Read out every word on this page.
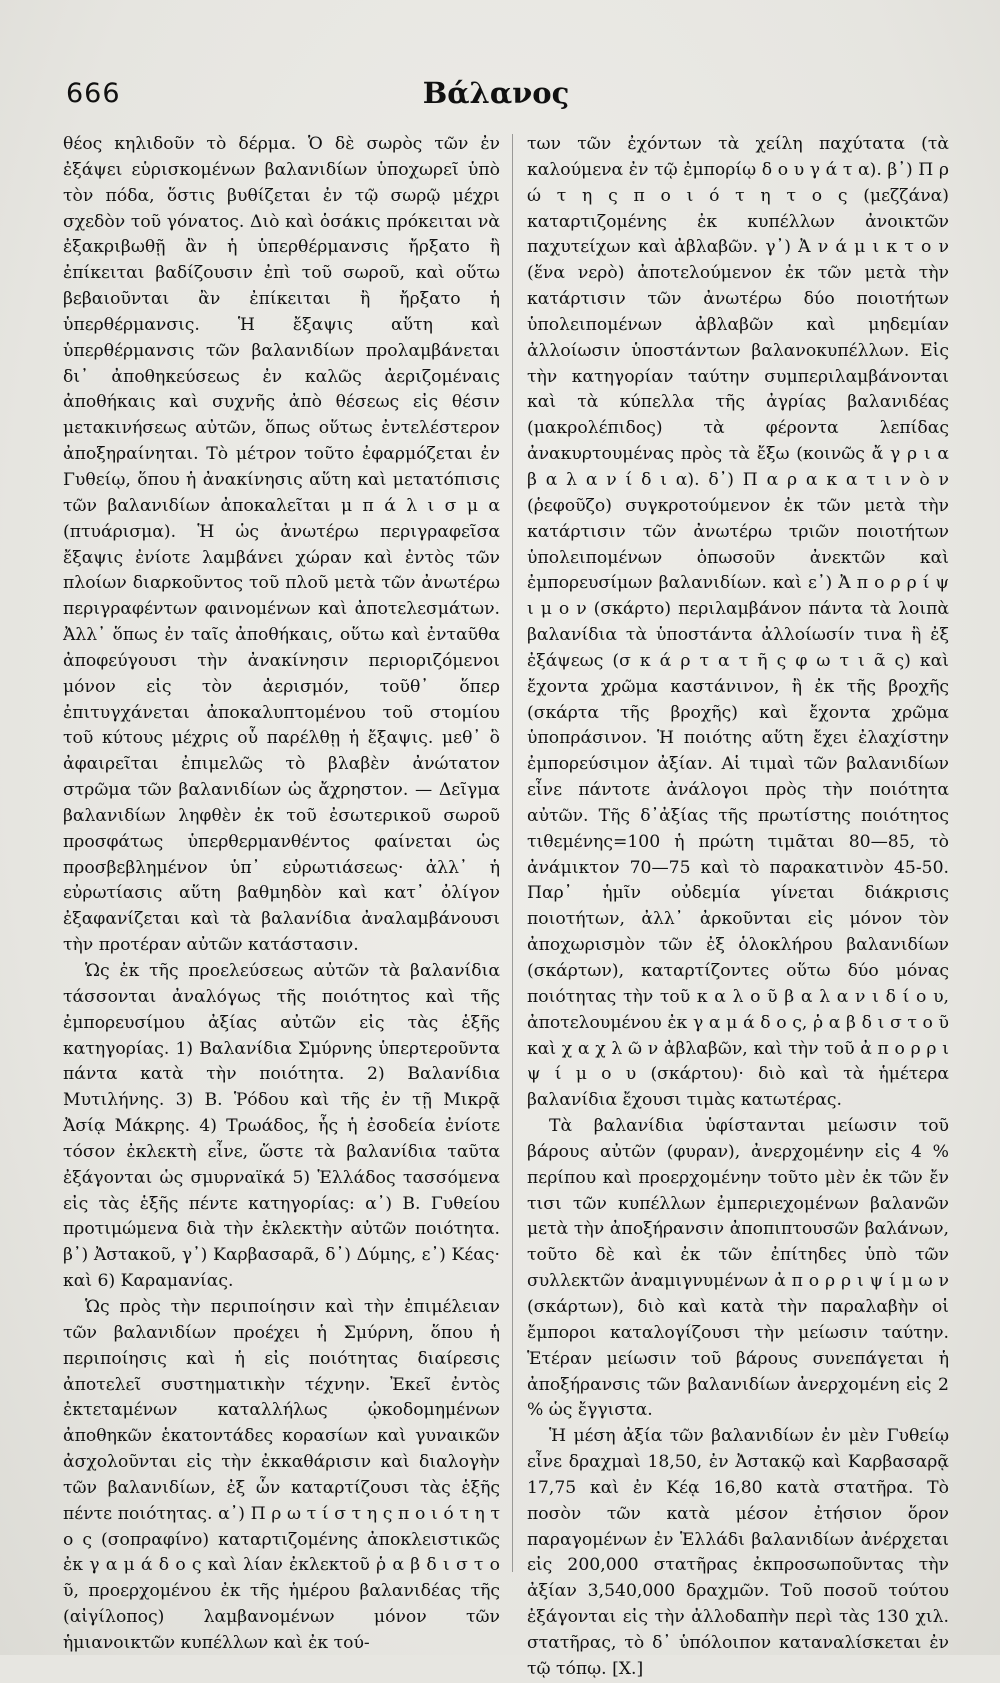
666	Βάλανος

θέος κηλιδοῦν τὸ δέρμα. Ὁ δὲ σωρὸς τῶν ἐν ἐξάψει εὑρισκομένων βαλανιδίων ὑποχωρεῖ ὑπὸ τὸν πόδα, ὅστις βυθίζεται ἐν τῷ σωρῷ μέχρι σχεδὸν τοῦ γόνατος. Διὸ καὶ ὁσάκις πρόκειται νὰ ἐξακριβωθῇ ἂν ἡ ὑπερθέρμανσις ἤρξατο ἢ ἐπίκειται βαδίζουσιν ἐπὶ τοῦ σωροῦ, καὶ οὕτω βεβαιοῦνται ἂν ἐπίκειται ἢ ἤρξατο ἡ ὑπερθέρμανσις. Ἡ ἔξαψις αὕτη καὶ ὑπερθέρμανσις τῶν βαλανιδίων προλαμβάνεται δι᾽ ἀποθηκεύσεως ἐν καλῶς ἀεριζομέναις ἀποθήκαις καὶ συχνῆς ἀπὸ θέσεως εἰς θέσιν μετακινήσεως αὐτῶν, ὅπως οὕτως ἐντελέστερον ἀποξηραίνηται. Τὸ μέτρον τοῦτο ἐφαρμόζεται ἐν Γυθείῳ, ὅπου ἡ ἀνακίνησις αὕτη καὶ μετατόπισις τῶν βαλανιδίων ἀποκαλεῖται μ π ά λ ι σ μ α (πτυάρισμα). Ἡ ὡς ἀνωτέρω περιγραφεῖσα ἔξαψις ἐνίοτε λαμβάνει χώραν καὶ ἐντὸς τῶν πλοίων διαρκοῦντος τοῦ πλοῦ μετὰ τῶν ἀνωτέρω περιγραφέντων φαινομένων καὶ ἀποτελεσμάτων. Ἀλλ᾽ ὅπως ἐν ταῖς ἀποθήκαις, οὕτω καὶ ἐνταῦθα ἀποφεύγουσι τὴν ἀνακίνησιν περιοριζόμενοι μόνον εἰς τὸν ἀερισμόν, τοῦθ᾽ ὅπερ ἐπιτυγχάνεται ἀποκαλυπτομένου τοῦ στομίου τοῦ κύτους μέχρις οὗ παρέλθῃ ἡ ἔξαψις. μεθ᾽ ὃ ἀφαιρεῖται ἐπιμελῶς τὸ βλαβὲν ἀνώτατον στρῶμα τῶν βαλανιδίων ὡς ἄχρηστον. — Δεῖγμα βαλανιδίων ληφθὲν ἐκ τοῦ ἐσωτερικοῦ σωροῦ προσφάτως ὑπερθερμανθέντος φαίνεται ὡς προσβεβλημένον ὑπ᾽ εὐρωτιάσεως· ἀλλ᾽ ἡ εὐρωτίασις αὕτη βαθμηδὸν καὶ κατ᾽ ὀλίγον ἐξαφανίζεται καὶ τὰ βαλανίδια ἀναλαμβάνουσι τὴν προτέραν αὐτῶν κατάστασιν.

Ὡς ἐκ τῆς προελεύσεως αὐτῶν τὰ βαλανίδια τάσσονται ἀναλόγως τῆς ποιότητος καὶ τῆς ἐμπορευσίμου ἀξίας αὐτῶν εἰς τὰς ἑξῆς κατηγορίας. 1) Βαλανίδια Σμύρνης ὑπερτεροῦντα πάντα κατὰ τὴν ποιότητα. 2) Βαλανίδια Μυτιλήνης. 3) Β. Ῥόδου καὶ τῆς ἐν τῇ Μικρᾷ Ἀσίᾳ Μάκρης. 4) Τρωάδος, ἧς ἡ ἐσοδεία ἐνίοτε τόσον ἐκλεκτὴ εἶνε, ὥστε τὰ βαλανίδια ταῦτα ἐξάγονται ὡς σμυρναϊκά 5) Ἑλλάδος τασσόμενα εἰς τὰς ἑξῆς πέντε κατηγορίας: α᾽) Β. Γυθείου προτιμώμενα διὰ τὴν ἐκλεκτὴν αὐτῶν ποιότητα. β᾽) Ἀστακοῦ, γ᾽) Καρβασαρᾶ, δ᾽) Δύμης, ε᾽) Κέας· καὶ 6) Καραμανίας.

Ὡς πρὸς τὴν περιποίησιν καὶ τὴν ἐπιμέλειαν τῶν βαλανιδίων προέχει ἡ Σμύρνη, ὅπου ἡ περιποίησις καὶ ἡ εἰς ποιότητας διαίρεσις ἀποτελεῖ συστηματικὴν τέχνην. Ἐκεῖ ἐντὸς ἐκτεταμένων καταλλήλως ᾠκοδομημένων ἀποθηκῶν ἑκατοντάδες κορασίων καὶ γυναικῶν ἀσχολοῦνται εἰς τὴν ἐκκαθάρισιν καὶ διαλογὴν τῶν βαλανιδίων, ἐξ ὧν καταρτίζουσι τὰς ἑξῆς πέντε ποιότητας. α᾽) Π ρ ω τ ί σ τ η ς π ο ι ό τ η τ ο ς (σοπραφίνο) καταρτιζομένης ἀποκλειστικῶς ἐκ γ α μ ά δ ο ς καὶ λίαν ἐκλεκτοῦ ῥ α β δ ι σ τ ο ῦ, προερχομένου ἐκ τῆς ἡμέρου βαλανιδέας τῆς (αἰγίλοπος) λαμβανομένων μόνον τῶν ἡμιανοικτῶν κυπέλλων καὶ ἐκ τού-

των τῶν ἐχόντων τὰ χείλη παχύτατα (τὰ καλούμενα ἐν τῷ ἐμπορίῳ δ ο υ γ ά τ α). β᾽) Π ρ ώ τ η ς π ο ι ό τ η τ ο ς (μεζζάνα) καταρτιζομένης ἐκ κυπέλλων ἀνοικτῶν παχυτείχων καὶ ἀβλαβῶν. γ᾽) Ἀ ν ά μ ι κ τ ο ν (ἕνα νερὸ) ἀποτελούμενον ἐκ τῶν μετὰ τὴν κατάρτισιν τῶν ἀνωτέρω δύο ποιοτήτων ὑπολειπομένων ἀβλαβῶν καὶ μηδεμίαν ἀλλοίωσιν ὑποστάντων βαλανοκυπέλλων. Εἰς τὴν κατηγορίαν ταύτην συμπεριλαμβάνονται καὶ τὰ κύπελλα τῆς ἀγρίας βαλανιδέας (μακρολέπιδος) τὰ φέροντα λεπίδας ἀνακυρτουμένας πρὸς τὰ ἔξω (κοινῶς ἄ γ ρ ι α β α λ α ν ί δ ι α). δ᾽) Π α ρ α κ α τ ι ν ὸ ν (ῥεφοῦζο) συγκροτούμενον ἐκ τῶν μετὰ τὴν κατάρτισιν τῶν ἀνωτέρω τριῶν ποιοτήτων ὑπολειπομένων ὁπωσοῦν ἀνεκτῶν καὶ ἐμπορευσίμων βαλανιδίων. καὶ ε᾽) Ἀ π ο ρ ρ ί ψ ι μ ο ν (σκάρτο) περιλαμβάνον πάντα τὰ λοιπὰ βαλανίδια τὰ ὑποστάντα ἀλλοίωσίν τινα ἢ ἐξ ἐξάψεως (σ κ ά ρ τ α τ ῆ ς φ ω τ ι ᾶ ς) καὶ ἔχοντα χρῶμα καστάνινον, ἢ ἐκ τῆς βροχῆς (σκάρτα τῆς βροχῆς) καὶ ἔχοντα χρῶμα ὑποπράσινον. Ἡ ποιότης αὕτη ἔχει ἐλαχίστην ἐμπορεύσιμον ἀξίαν. Αἱ τιμαὶ τῶν βαλανιδίων εἶνε πάντοτε ἀνάλογοι πρὸς τὴν ποιότητα αὐτῶν. Τῆς δ᾽ἀξίας τῆς πρωτίστης ποιότητος τιθεμένης=100 ἡ πρώτη τιμᾶται 80—85, τὸ ἀνάμικτον 70—75 καὶ τὸ παρακατινὸν 45-50. Παρ᾽ ἡμῖν οὐδεμία γίνεται διάκρισις ποιοτήτων, ἀλλ᾽ ἀρκοῦνται εἰς μόνον τὸν ἀποχωρισμὸν τῶν ἐξ ὁλοκλήρου βαλανιδίων (σκάρτων), καταρτίζοντες οὕτω δύο μόνας ποιότητας τὴν τοῦ κ α λ ο ῦ β α λ α ν ι δ ί ο υ, ἀποτελουμένου ἐκ γ α μ ά δ ο ς, ῥ α β δ ι σ τ ο ῦ καὶ χ α χ λ ῶ ν ἀβλαβῶν, καὶ τὴν τοῦ ἀ π ο ρ ρ ι ψ ί μ ο υ (σκάρτου)· διὸ καὶ τὰ ἡμέτερα βαλανίδια ἔχουσι τιμὰς κατωτέρας.

Τὰ βαλανίδια ὑφίστανται μείωσιν τοῦ βάρους αὐτῶν (φυραν), ἀνερχομένην εἰς 4 % περίπου καὶ προερχομένην τοῦτο μὲν ἐκ τῶν ἔν τισι τῶν κυπέλλων ἐμπεριεχομένων βαλανῶν μετὰ τὴν ἀποξήρανσιν ἀποπιπτουσῶν βαλάνων, τοῦτο δὲ καὶ ἐκ τῶν ἐπίτηδες ὑπὸ τῶν συλλεκτῶν ἀναμιγνυμένων ἀ π ο ρ ρ ι ψ ί μ ω ν (σκάρτων), διὸ καὶ κατὰ τὴν παραλαβὴν οἱ ἔμποροι καταλογίζουσι τὴν μείωσιν ταύτην. Ἑτέραν μείωσιν τοῦ βάρους συνεπάγεται ἡ ἀποξήρανσις τῶν βαλανιδίων ἀνερχομένη εἰς 2 % ὡς ἔγγιστα.

Ἡ μέση ἀξία τῶν βαλανιδίων ἐν μὲν Γυθείῳ εἶνε δραχμαὶ 18,50, ἐν Ἀστακῷ καὶ Καρβασαρᾷ 17,75 καὶ ἐν Κέᾳ 16,80 κατὰ στατῆρα. Τὸ ποσὸν τῶν κατὰ μέσον ἐτήσιον ὅρον παραγομένων ἐν Ἑλλάδι βαλανιδίων ἀνέρχεται εἰς 200,000 στατῆρας ἐκπροσωποῦντας τὴν ἀξίαν 3,540,000 δραχμῶν. Τοῦ ποσοῦ τούτου ἐξάγονται εἰς τὴν ἀλλοδαπὴν περὶ τὰς 130 χιλ. στατῆρας, τὸ δ᾽ ὑπόλοιπον καταναλίσκεται ἐν τῷ τόπῳ. [Χ.]
